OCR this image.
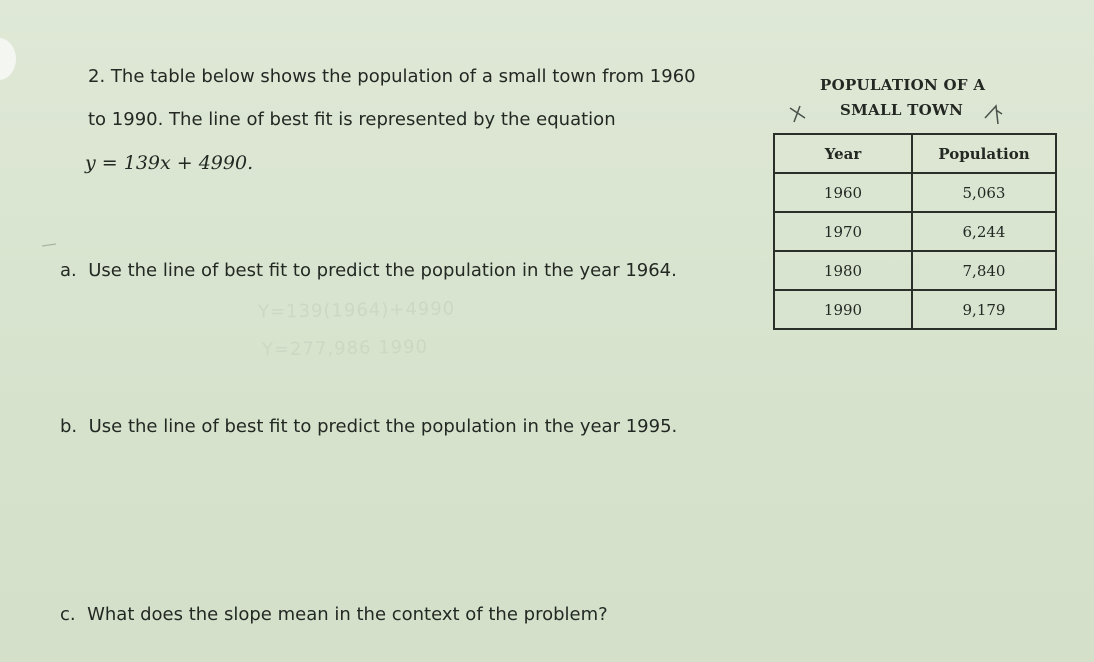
2. The table below shows the population of a small town from 1960
to 1990. The line of best fit is represented by the equation
y = 139x + 4990.
POPULATION OF A
SMALL TOWN
Year	Population
1960	5,063
1970	6,244
1980	7,840
1990	9,179
a. Use the line of best fit to predict the population in the year 1964.
Y=139(1964)+4990
Y=277,986 1990
b. Use the line of best fit to predict the population in the year 1995.
c. What does the slope mean in the context of the problem?
